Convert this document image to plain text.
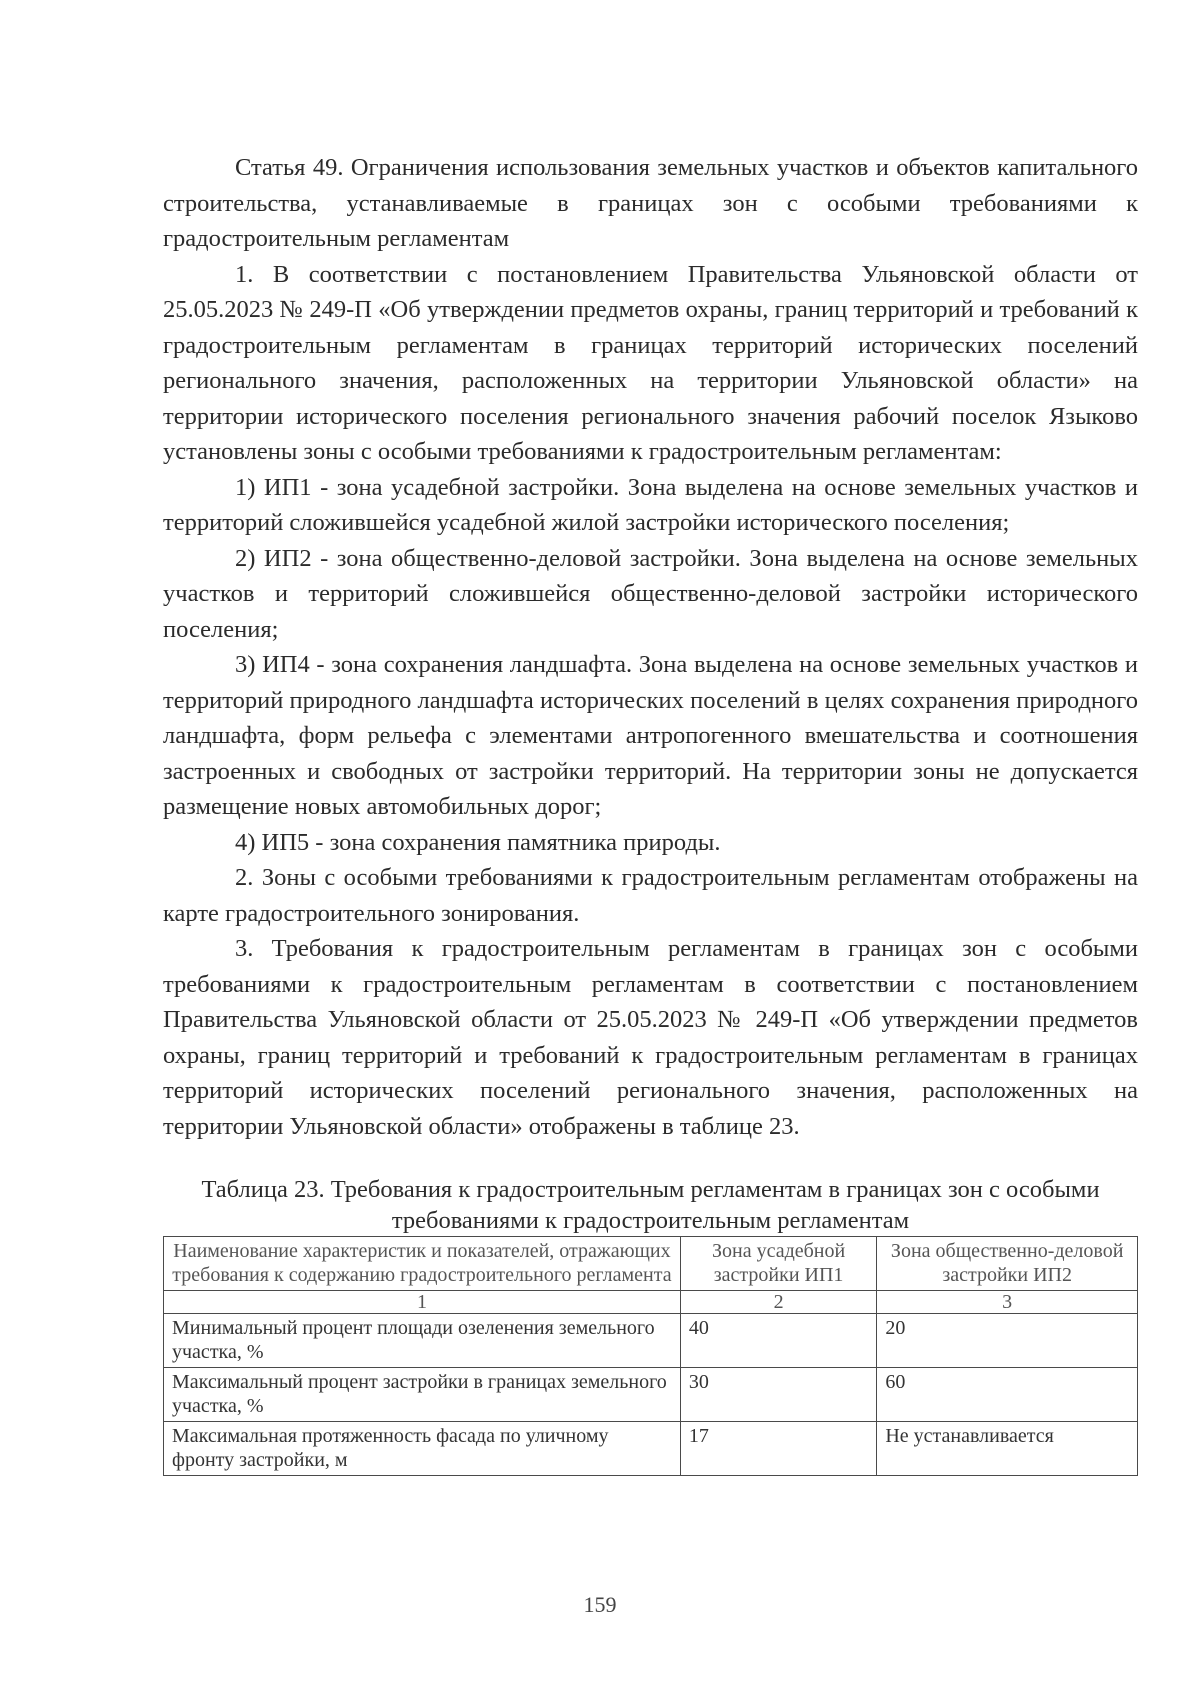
Статья 49. Ограничения использования земельных участков и объектов капитального строительства, устанавливаемые в границах зон с особыми требованиями к градостроительным регламентам

1. В соответствии с постановлением Правительства Ульяновской области от 25.05.2023 № 249-П «Об утверждении предметов охраны, границ территорий и требований к градостроительным регламентам в границах территорий исторических поселений регионального значения, расположенных на территории Ульяновской области» на территории исторического поселения регионального значения рабочий поселок Языково установлены зоны с особыми требованиями к градостроительным регламентам:

1) ИП1 - зона усадебной застройки. Зона выделена на основе земельных участков и территорий сложившейся усадебной жилой застройки исторического поселения;

2) ИП2 - зона общественно-деловой застройки. Зона выделена на основе земельных участков и территорий сложившейся общественно-деловой застройки исторического поселения;

3) ИП4 - зона сохранения ландшафта. Зона выделена на основе земельных участков и территорий природного ландшафта исторических поселений в целях сохранения природного ландшафта, форм рельефа с элементами антропогенного вмешательства и соотношения застроенных и свободных от застройки территорий. На территории зоны не допускается размещение новых автомобильных дорог;

4) ИП5 - зона сохранения памятника природы.

2. Зоны с особыми требованиями к градостроительным регламентам отображены на карте градостроительного зонирования.

3. Требования к градостроительным регламентам в границах зон с особыми требованиями к градостроительным регламентам в соответствии с постановлением Правительства Ульяновской области от 25.05.2023 № 249-П «Об утверждении предметов охраны, границ территорий и требований к градостроительным регламентам в границах территорий исторических поселений регионального значения, расположенных на территории Ульяновской области» отображены в таблице 23.

Таблица 23. Требования к градостроительным регламентам в границах зон с особыми требованиями к градостроительным регламентам
Наименование характеристик и показателей, отражающих требования к содержанию градостроительного регламента	Зона усадебной застройки ИП1	Зона общественно-деловой застройки ИП2
1	2	3
Минимальный процент площади озеленения земельного участка, %	40	20
Максимальный процент застройки в границах земельного участка, %	30	60
Максимальная протяженность фасада по уличному фронту застройки, м	17	Не устанавливается
159
